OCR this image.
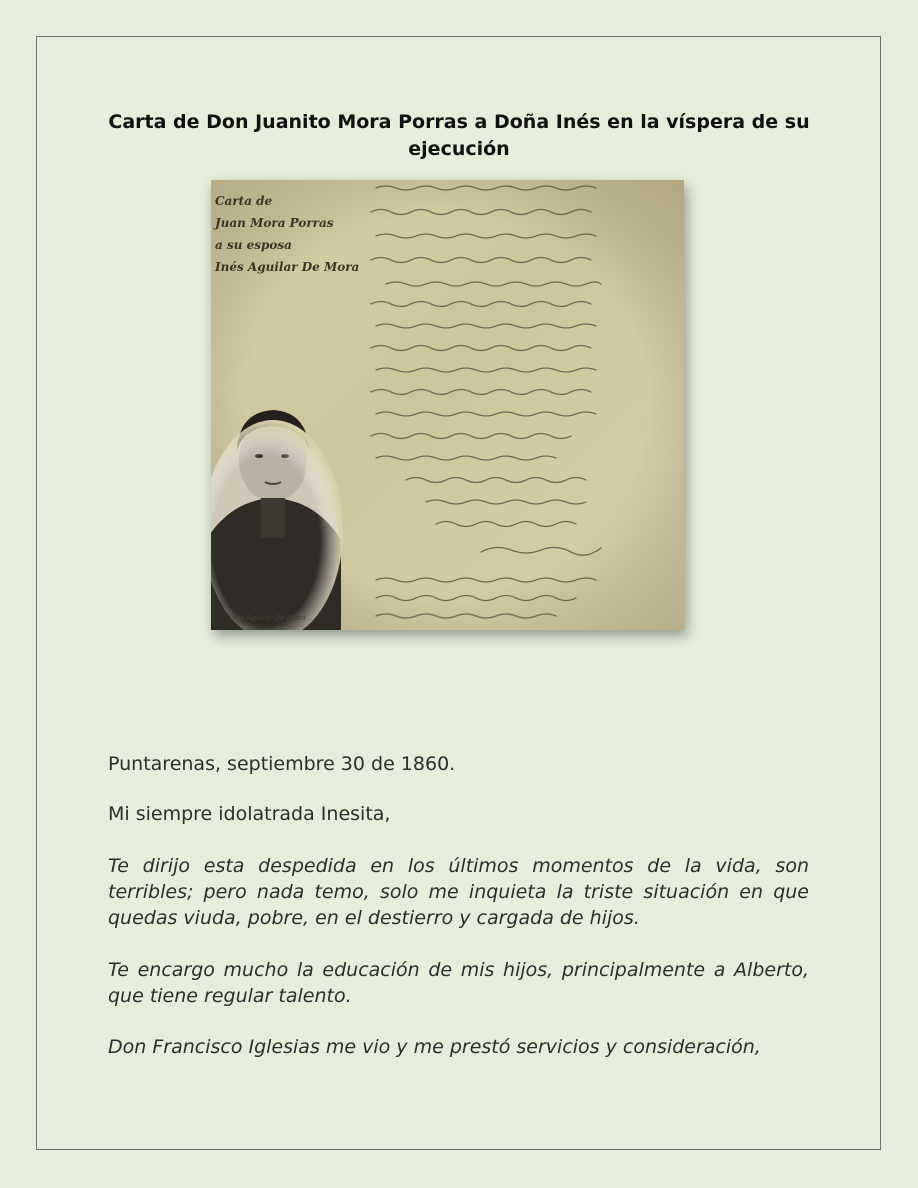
Carta de Don Juanito Mora Porras a Doña Inés en la víspera de su ejecución
Carta de
Juan Mora Porras
a su esposa
Inés Aguilar De Mora
Inés Aguilar De Mora

Puntarenas, septiembre 30 de 1860.

Mi siempre idolatrada Inesita,

Te dirijo esta despedida en los últimos momentos de la vida, son terribles; pero nada temo, solo me inquieta la triste situación en que quedas viuda, pobre, en el destierro y cargada de hijos.

Te encargo mucho la educación de mis hijos, principalmente a Alberto, que tiene regular talento.

Don Francisco Iglesias me vio y me prestó servicios y consideración,
